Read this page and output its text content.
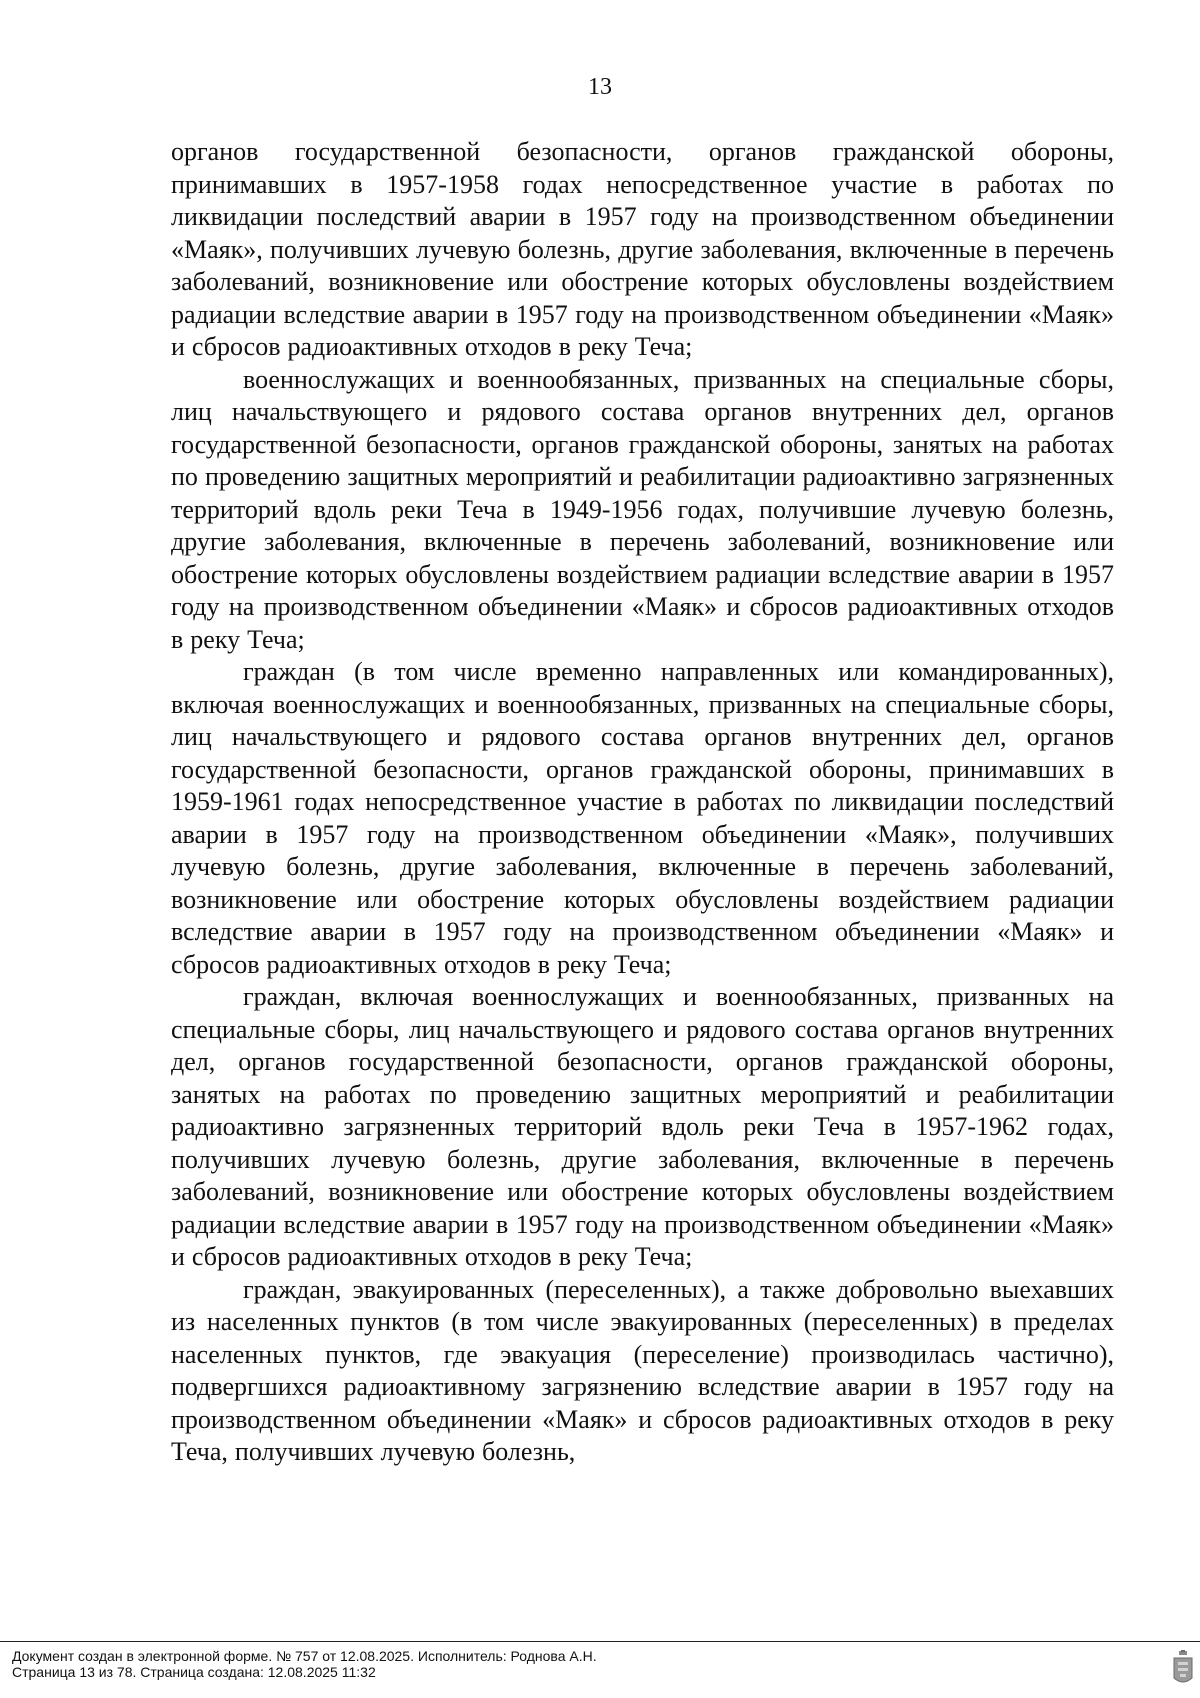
13

органов государственной безопасности, органов гражданской обороны, принимавших в 1957-1958 годах непосредственное участие в работах по ликвидации последствий аварии в 1957 году на производственном объединении «Маяк», получивших лучевую болезнь, другие заболевания, включенные в перечень заболеваний, возникновение или обострение которых обусловлены воздействием радиации вследствие аварии в 1957 году на производственном объединении «Маяк» и сбросов радиоактивных отходов в реку Теча;

военнослужащих и военнообязанных, призванных на специальные сборы, лиц начальствующего и рядового состава органов внутренних дел, органов государственной безопасности, органов гражданской обороны, занятых на работах по проведению защитных мероприятий и реабилитации радиоактивно загрязненных территорий вдоль реки Теча в 1949-1956 годах, получившие лучевую болезнь, другие заболевания, включенные в перечень заболеваний, возникновение или обострение которых обусловлены воздействием радиации вследствие аварии в 1957 году на производственном объединении «Маяк» и сбросов радиоактивных отходов в реку Теча;

граждан (в том числе временно направленных или командированных), включая военнослужащих и военнообязанных, призванных на специальные сборы, лиц начальствующего и рядового состава органов внутренних дел, органов государственной безопасности, органов гражданской обороны, принимавших в 1959-1961 годах непосредственное участие в работах по ликвидации последствий аварии в 1957 году на производственном объединении «Маяк», получивших лучевую болезнь, другие заболевания, включенные в перечень заболеваний, возникновение или обострение которых обусловлены воздействием радиации вследствие аварии в 1957 году на производственном объединении «Маяк» и сбросов радиоактивных отходов в реку Теча;

граждан, включая военнослужащих и военнообязанных, призванных на специальные сборы, лиц начальствующего и рядового состава органов внутренних дел, органов государственной безопасности, органов гражданской обороны, занятых на работах по проведению защитных мероприятий и реабилитации радиоактивно загрязненных территорий вдоль реки Теча в 1957-1962 годах, получивших лучевую болезнь, другие заболевания, включенные в перечень заболеваний, возникновение или обострение которых обусловлены воздействием радиации вследствие аварии в 1957 году на производственном объединении «Маяк» и сбросов радиоактивных отходов в реку Теча;

граждан, эвакуированных (переселенных), а также добровольно выехавших из населенных пунктов (в том числе эвакуированных (переселенных) в пределах населенных пунктов, где эвакуация (переселение) производилась частично), подвергшихся радиоактивному загрязнению вследствие аварии в 1957 году на производственном объединении «Маяк» и сбросов радиоактивных отходов в реку Теча, получивших лучевую болезнь,

Документ создан в электронной форме. № 757 от 12.08.2025. Исполнитель: Роднова А.Н.
Страница 13 из 78. Страница создана: 12.08.2025 11:32
